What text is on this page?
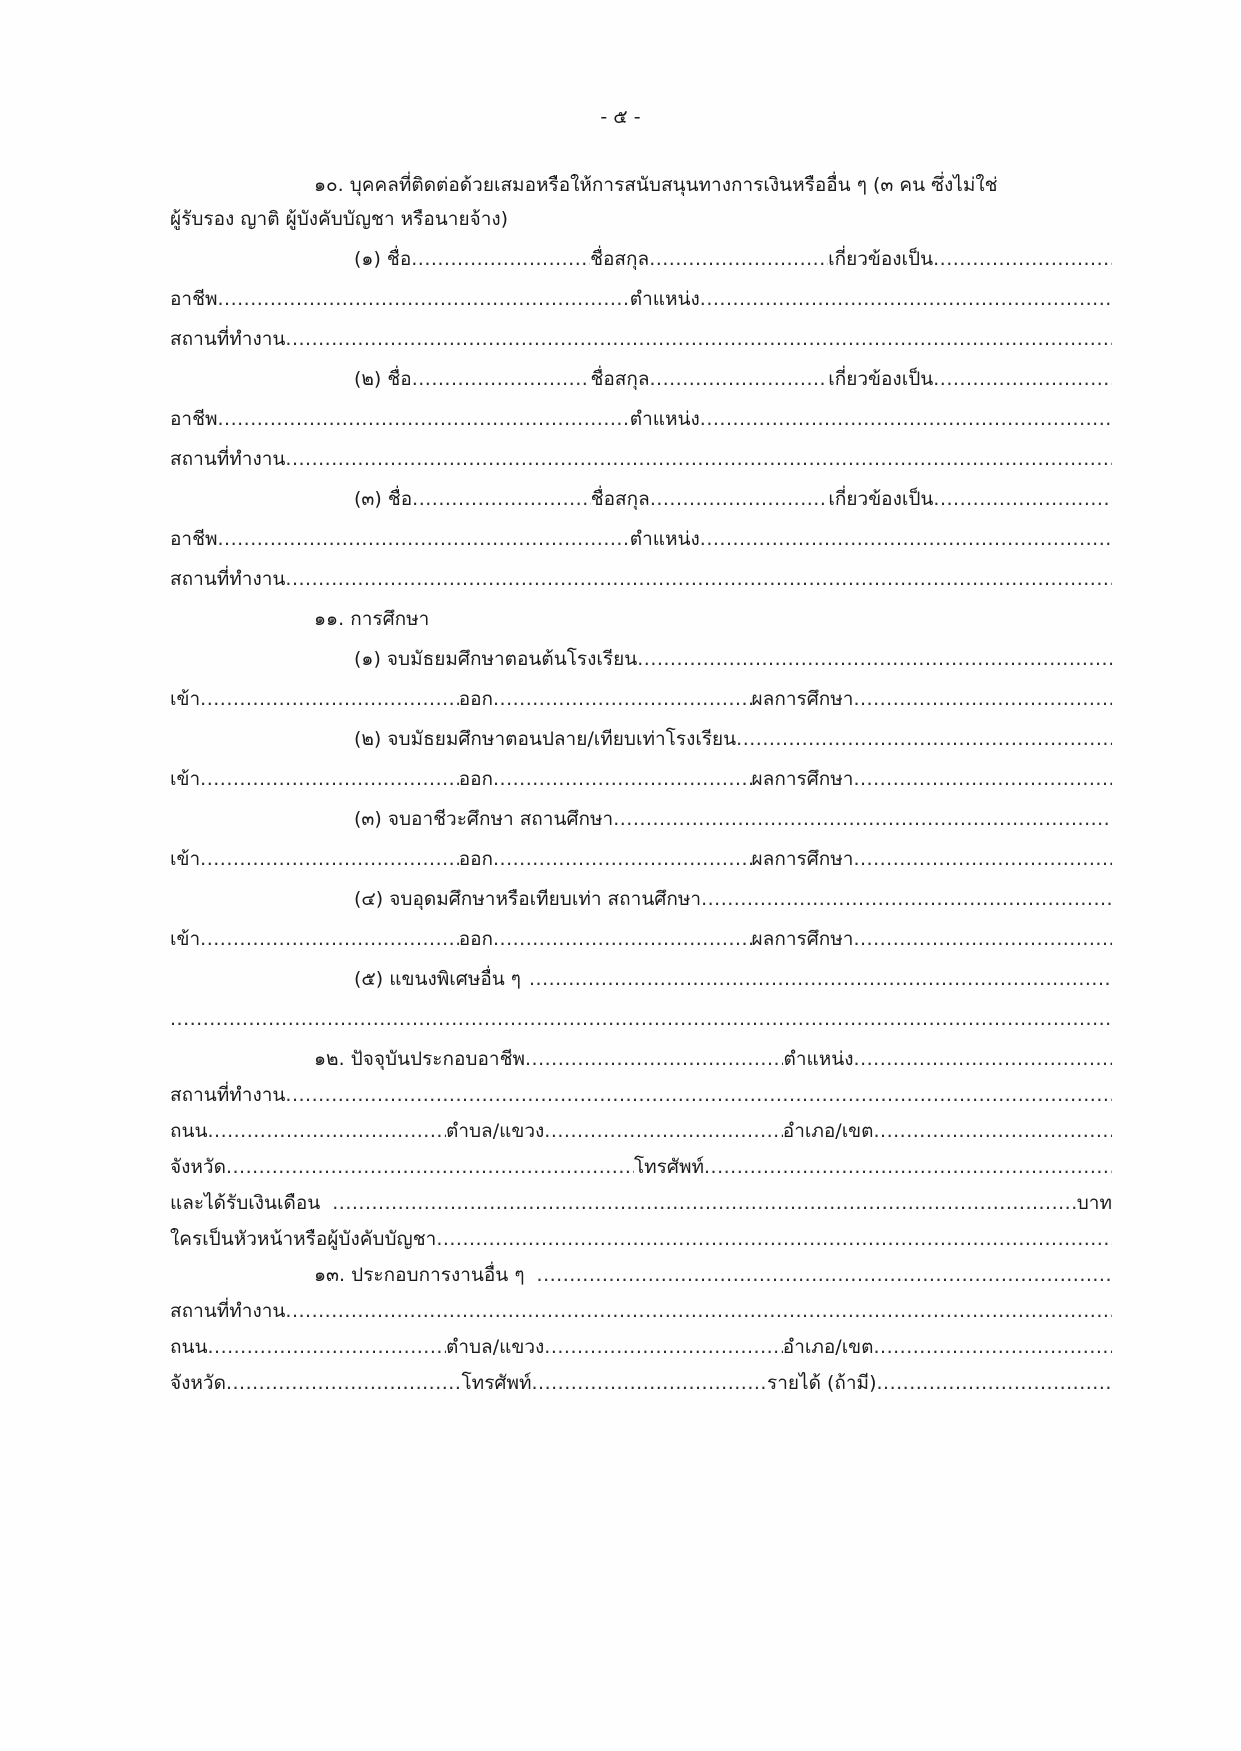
- ๕ -
๑๐. บุคคลที่ติดต่อด้วยเสมอหรือให้การสนับสนุนทางการเงินหรืออื่น ๆ (๓ คน ซึ่งไม่ใช่
ผู้รับรอง ญาติ ผู้บังคับบัญชา หรือนายจ้าง)
(๑) ชื่อ .....	ชื่อสกุล .....	เกี่ยวข้องเป็น
.....
อาชีพ .....	ตำแหน่ง
.....
สถานที่ทำงาน
.....
(๒) ชื่อ .....	ชื่อสกุล .....	เกี่ยวข้องเป็น
.....
อาชีพ .....	ตำแหน่ง
.....
สถานที่ทำงาน
.....
(๓) ชื่อ .....	ชื่อสกุล .....	เกี่ยวข้องเป็น
.....
อาชีพ .....	ตำแหน่ง
.....
สถานที่ทำงาน
.....
๑๑. การศึกษา
(๑) จบมัธยมศึกษาตอนต้นโรงเรียน
.....
เข้า .....	ออก .....	ผลการศึกษา
.....
(๒) จบมัธยมศึกษาตอนปลาย/เทียบเท่าโรงเรียน
.....
เข้า .....	ออก .....	ผลการศึกษา
.....
(๓) จบอาชีวะศึกษา สถานศึกษา
.....
เข้า .....	ออก .....	ผลการศึกษา
.....
(๔) จบอุดมศึกษาหรือเทียบเท่า สถานศึกษา
.....
เข้า .....	ออก .....	ผลการศึกษา
.....
(๕) แขนงพิเศษอื่น ๆ
.....
.....
๑๒. ปัจจุบันประกอบอาชีพ .....	ตำแหน่ง
.....
สถานที่ทำงาน
.....
ถนน .....	ตำบล/แขวง .....	อำเภอ/เขต
.....
จังหวัด .....	โทรศัพท์
.....
และได้รับเงินเดือน .....	บาท
ใครเป็นหัวหน้าหรือผู้บังคับบัญชา
.....
๑๓. ประกอบการงานอื่น ๆ
.....
สถานที่ทำงาน
.....
ถนน .....	ตำบล/แขวง .....	อำเภอ/เขต
.....
จังหวัด .....	โทรศัพท์ .....	รายได้ (ถ้ามี)
.....
